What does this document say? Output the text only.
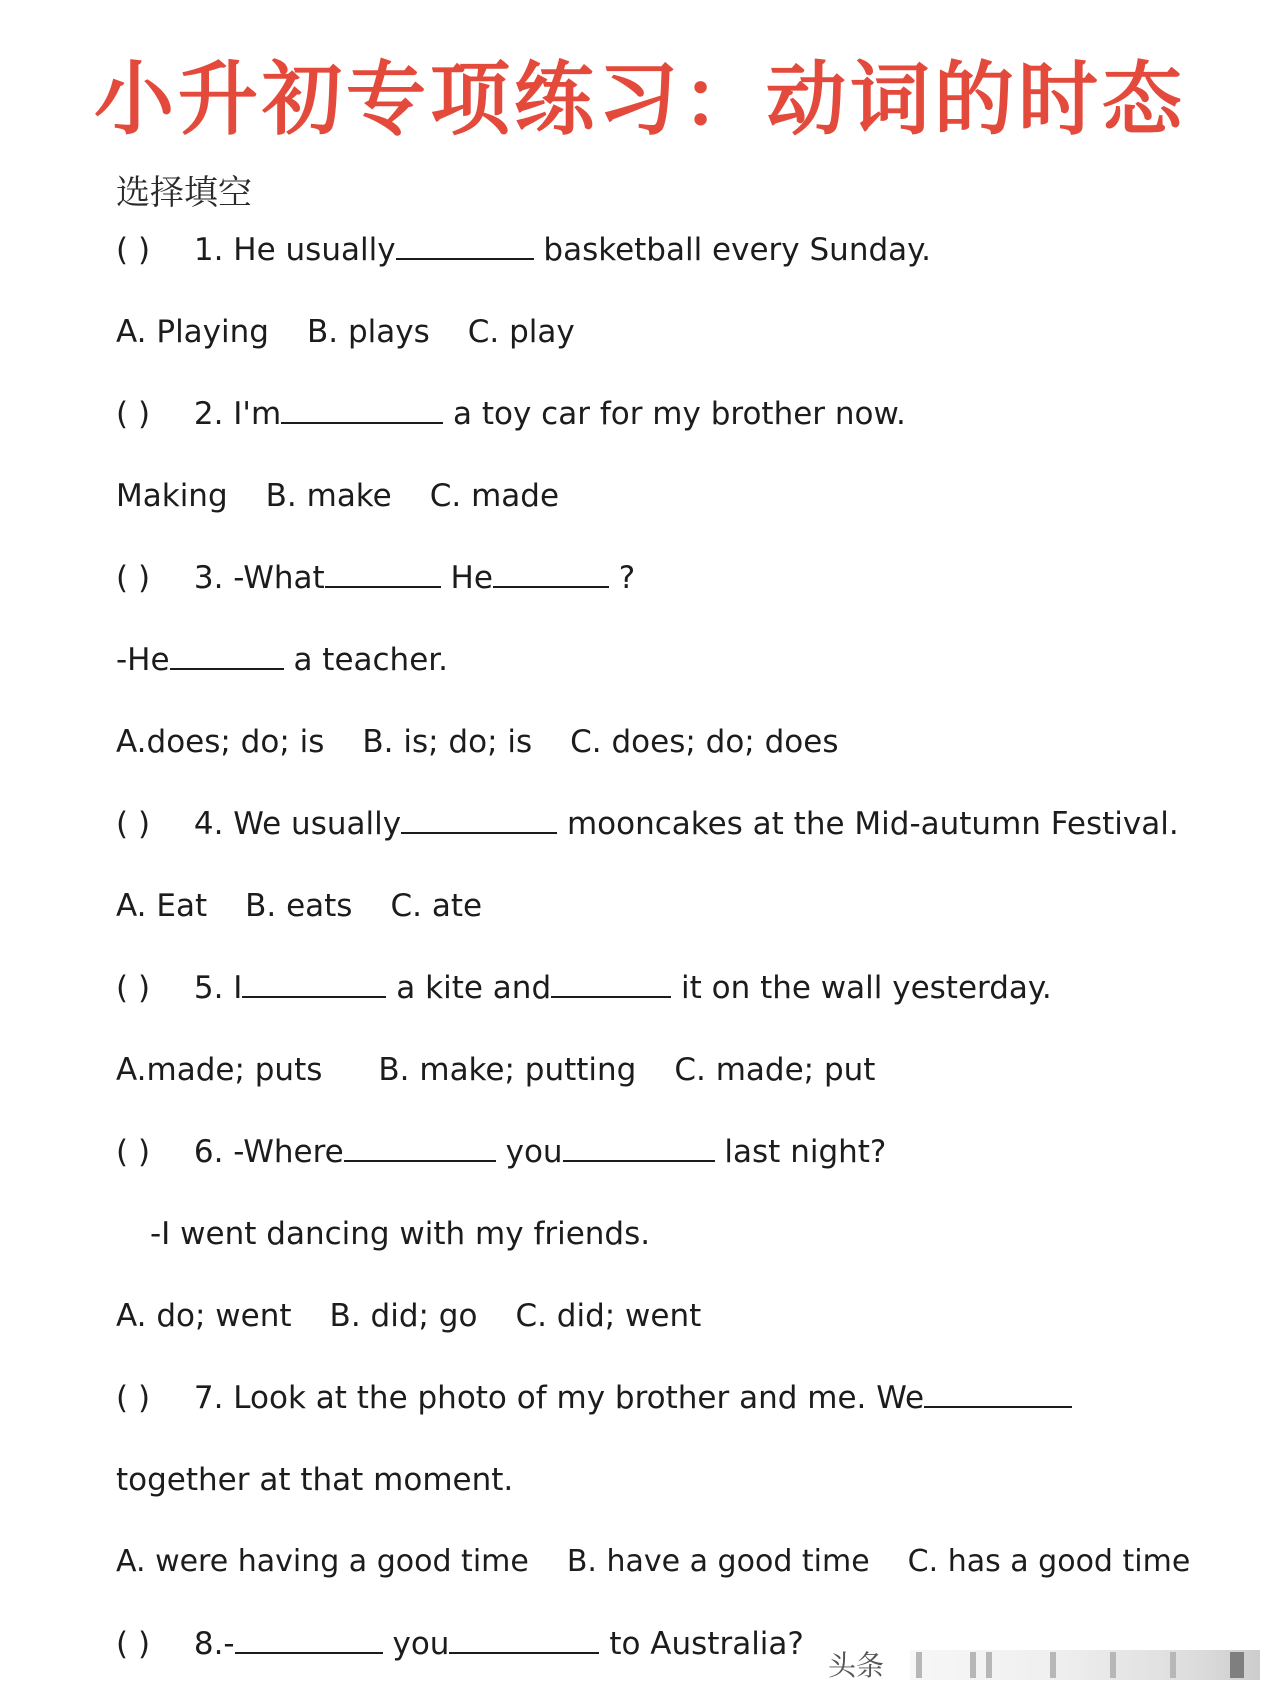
小升初专项练习：动词的时态
选择填空
( ) 1. He usually	basketball every Sunday.
A. Playing B. plays C. play
( ) 2. I'm	a toy car for my brother now.
Making B. make C. made
( ) 3. -What	He	?
-He	a teacher.
A.does; do; is B. is; do; is C. does; do; does
( ) 4. We usually	mooncakes at the Mid-autumn Festival.
A. Eat B. eats C. ate
( ) 5. I	a kite and	it on the wall yesterday.
A.made; puts B. make; putting C. made; put
( ) 6. -Where	you	last night?
-I went dancing with my friends.
A. do; went B. did; go C. did; went
( ) 7. Look at the photo of my brother and me. We
together at that moment.
A. were having a good time B. have a good time C. has a good time
( ) 8.-	you	to Australia?
头条
